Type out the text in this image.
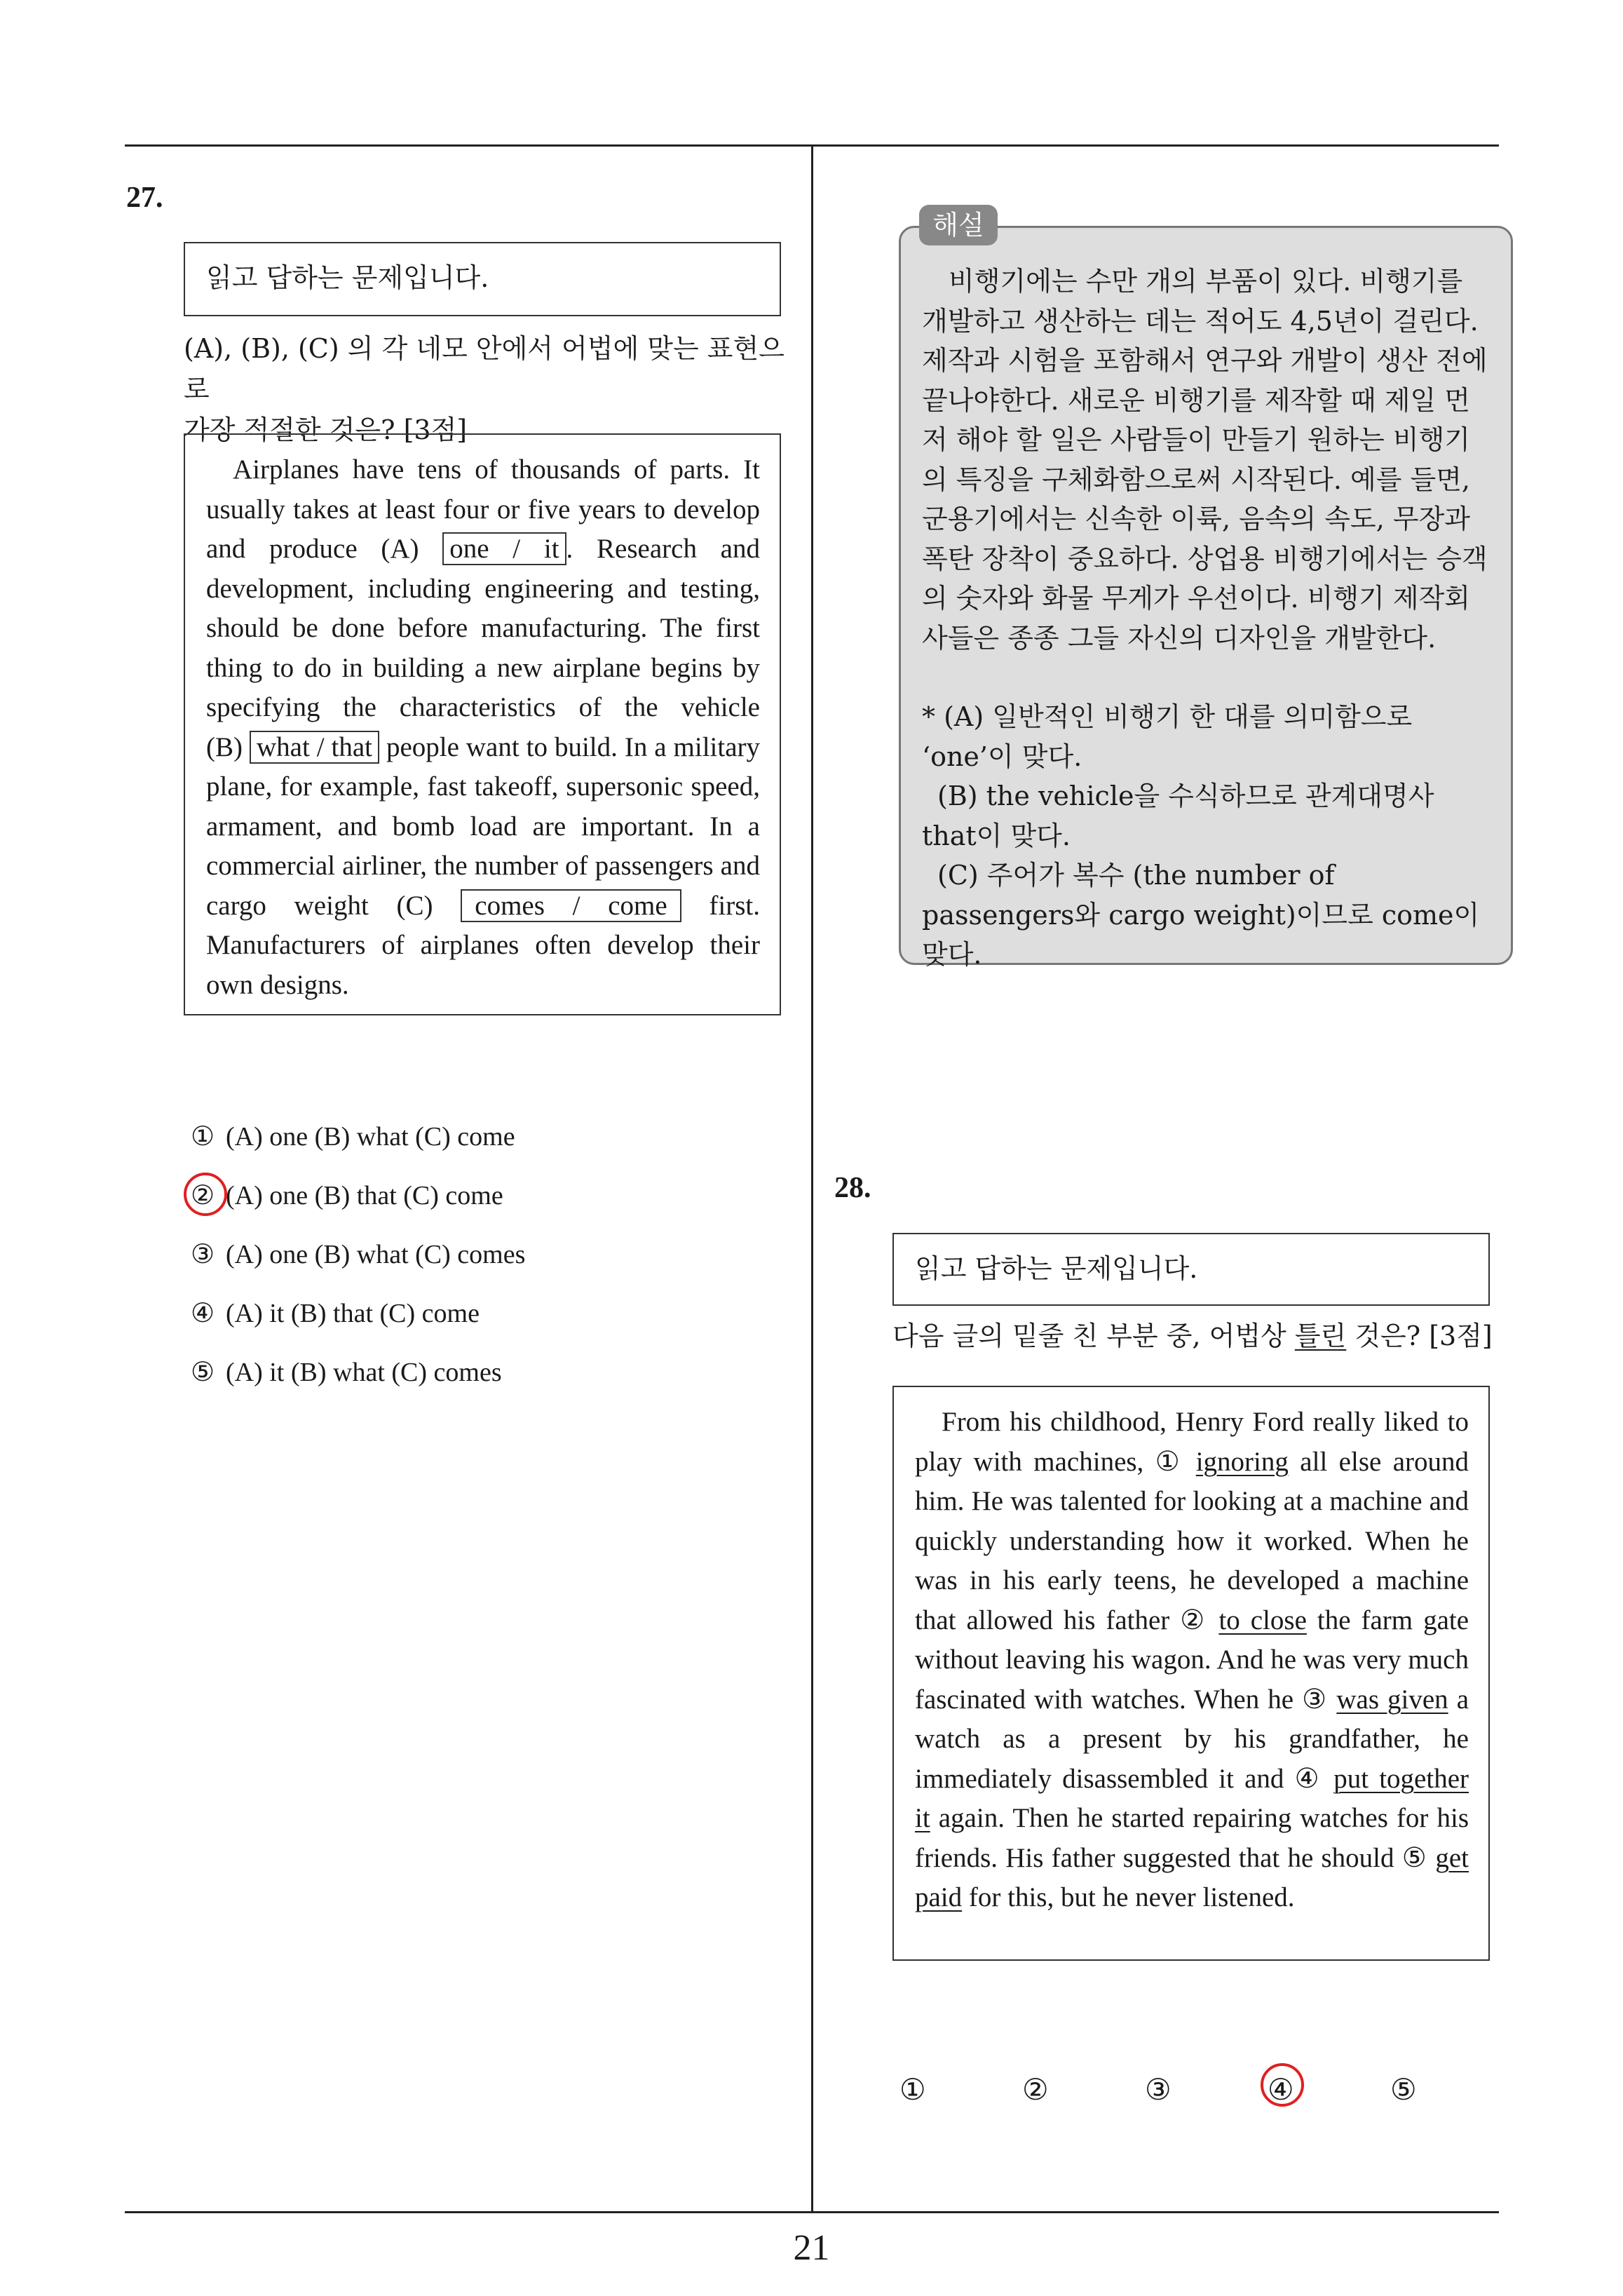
27.
읽고 답하는 문제입니다.
(A), (B), (C) 의 각 네모 안에서 어법에 맞는 표현으로
가장 적절한 것은? [3점]

Airplanes have tens of thousands of parts. It usually takes at least four or five years to develop and produce (A) one / it . Research and development, including engineering and testing, should be done before manufacturing. The first thing to do in building a new airplane begins by specifying the characteristics of the vehicle (B) what / that people want to build. In a military plane, for example, fast takeoff, supersonic speed, armament, and bomb load are important. In a commercial airliner, the number of passengers and cargo weight (C) comes / come first. Manufacturers of airplanes often develop their own designs.

① (A) one (B) what (C) come
② (A) one (B) that (C) come
③ (A) one (B) what (C) comes
④ (A) it (B) that (C) come
⑤ (A) it (B) what (C) comes

비행기에는 수만 개의 부품이 있다. 비행기를 개발하고 생산하는 데는 적어도 4,5년이 걸린다. 제작과 시험을 포함해서 연구와 개발이 생산 전에 끝나야한다. 새로운 비행기를 제작할 때 제일 먼저 해야 할 일은 사람들이 만들기 원하는 비행기의 특징을 구체화함으로써 시작된다. 예를 들면, 군용기에서는 신속한 이륙, 음속의 속도, 무장과 폭탄 장착이 중요하다. 상업용 비행기에서는 승객의 숫자와 화물 무게가 우선이다. 비행기 제작회사들은 종종 그들 자신의 디자인을 개발한다.

* (A) 일반적인 비행기 한 대를 의미함으로 ‘one’이 맞다.

(B) the vehicle을 수식하므로 관계대명사 that이 맞다.

(C) 주어가 복수 (the number of passengers와 cargo weight)이므로 come이 맞다.

해설
28.
읽고 답하는 문제입니다.
다음 글의 밑줄 친 부분 중, 어법상 틀린 것은? [3점]

From his childhood, Henry Ford really liked to play with machines, ① ignoring all else around him. He was talented for looking at a machine and quickly understanding how it worked. When he was in his early teens, he developed a machine that allowed his father ② to close the farm gate without leaving his wagon. And he was very much fascinated with watches. When he ③ was given a watch as a present by his grandfather, he immediately disassembled it and ④ put together it again. Then he started repairing watches for his friends. His father suggested that he should ⑤ get paid for this, but he never listened.

①	②	③	④	⑤
21
